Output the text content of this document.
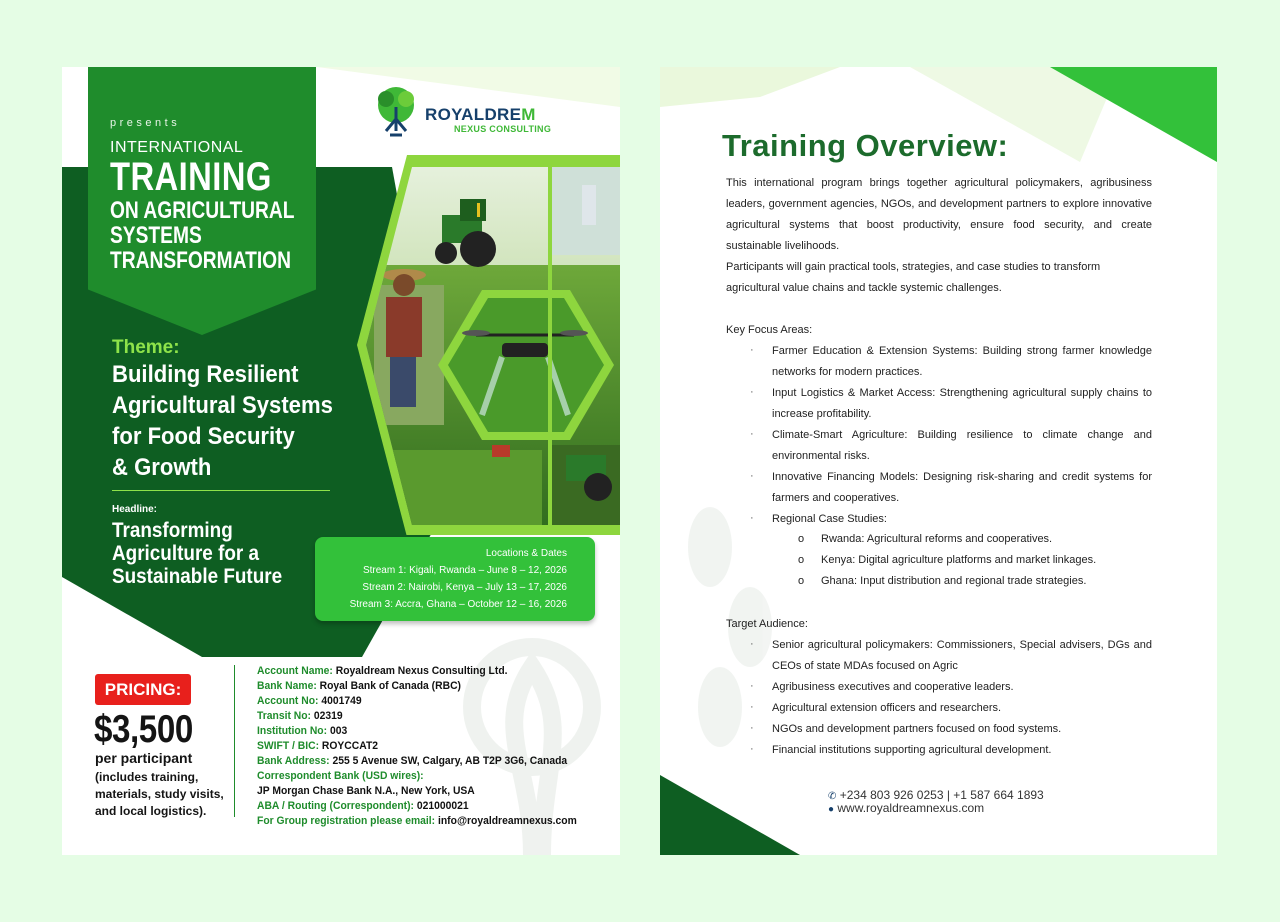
presents
INTERNATIONAL
TRAINING
ON AGRICULTURAL
SYSTEMS
TRANSFORMATION
ROYALDREM
NEXUS CONSULTING
Theme:
Building Resilient
Agricultural Systems
for Food Security
& Growth
Headline:
Transforming
Agriculture for a
Sustainable Future
Locations & Dates
Stream 1: Kigali, Rwanda – June 8 – 12, 2026
Stream 2: Nairobi, Kenya – July 13 – 17, 2026
Stream 3: Accra, Ghana – October 12 – 16, 2026
PRICING:
$3,500
per participant
(includes training,
materials, study visits,
and local logistics).
Account Name: Royaldream Nexus Consulting Ltd.
Bank Name: Royal Bank of Canada (RBC)
Account No: 4001749
Transit No: 02319
Institution No: 003
SWIFT / BIC: ROYCCAT2
Bank Address: 255 5 Avenue SW, Calgary, AB T2P 3G6, Canada
Correspondent Bank (USD wires):
JP Morgan Chase Bank N.A., New York, USA
ABA / Routing (Correspondent): 021000021
For Group registration please email: info@royaldreamnexus.com
Training Overview:
This international program brings together agricultural policymakers, agribusiness leaders, government agencies, NGOs, and development partners to explore innovative agricultural systems that boost productivity, ensure food security, and create sustainable livelihoods.
Participants will gain practical tools, strategies, and case studies to transform agricultural value chains and tackle systemic challenges.
Key Focus Areas:
· Farmer Education & Extension Systems: Building strong farmer knowledge networks for modern practices.
· Input Logistics & Market Access: Strengthening agricultural supply chains to increase profitability.
· Climate-Smart Agriculture: Building resilience to climate change and environmental risks.
· Innovative Financing Models: Designing risk-sharing and credit systems for farmers and cooperatives.
· Regional Case Studies:
o Rwanda: Agricultural reforms and cooperatives.
o Kenya: Digital agriculture platforms and market linkages.
o Ghana: Input distribution and regional trade strategies.
Target Audience:
· Senior agricultural policymakers: Commissioners, Special advisers, DGs and CEOs of state MDAs focused on Agric
· Agribusiness executives and cooperative leaders.
· Agricultural extension officers and researchers.
· NGOs and development partners focused on food systems.
· Financial institutions supporting agricultural development.
✆ +234 803 926 0253 | +1 587 664 1893
● www.royaldreamnexus.com
